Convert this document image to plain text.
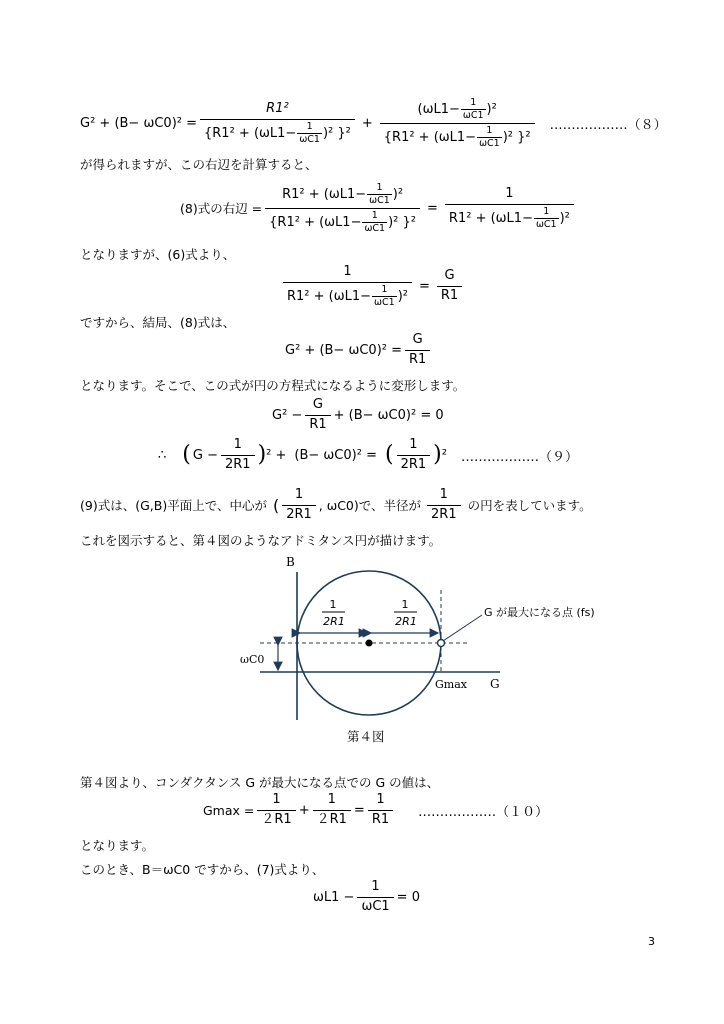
$G^2 + (B- \omega C0)^2 = \frac{\text{R1²}}{\{R1^2 + (\omega L1- \frac{1}{\omega C1} )^2 \}^2} + \frac{(\omega L1- \frac{1}{\omega C1} )^2}{\{R1^2 + (\omega L1- \frac{1}{\omega C1} )^2 \}^2}$ ………………（８）
が得られますが、この右辺を計算すると、
(8)式の右辺 = $\frac{R1^2 + (\omega L1- \frac{1}{\omega C1} )^2}{\{R1^2 + (\omega L1- \frac{1}{\omega C1} )^2 \}^2} = \frac{1}{R1^2 + (\omega L1- \frac{1}{\omega C1} )^2}$
となりますが、(6)式より、
$\frac{1}{R1^2 + (\omega L1- \frac{1}{\omega C1} )^2} = \frac{G}{R1}$
ですから、結局、(8)式は、
$G^2 + (B- \omega C0)^2 = \frac{G}{R1}$
となります。そこで、この式が円の方程式になるように変形します。
$G^2 - \frac{G}{R1} + (B- \omega C0)^2 = 0$
∴ ( $G - \frac{1}{2R1}$ ) ² + (B− ωC0)² = (	1
2R1 ) ² ………………（９）
(9)式は、(G,B)平面上で、中心が (
1
2R1
, ωC0)で、半径が
1
2R1
の円を表しています。
これを図示すると、第４図のようなアドミタンス円が描けます。
B
G
Gmax
ωC0
1
2R1
1
2R1
G が最大になる点 (fs)
第４図
第４図より、コンダクタンス G が最大になる点での G の値は、
$Gmax = \frac{1}{2R1} + \frac{1}{2R1} = \frac{1}{R1}$ ………………（１０）
となります。
このとき、B＝ωC0 ですから、(7)式より、
$\omega L1 - \frac{1}{\omega C1} = 0$
3
